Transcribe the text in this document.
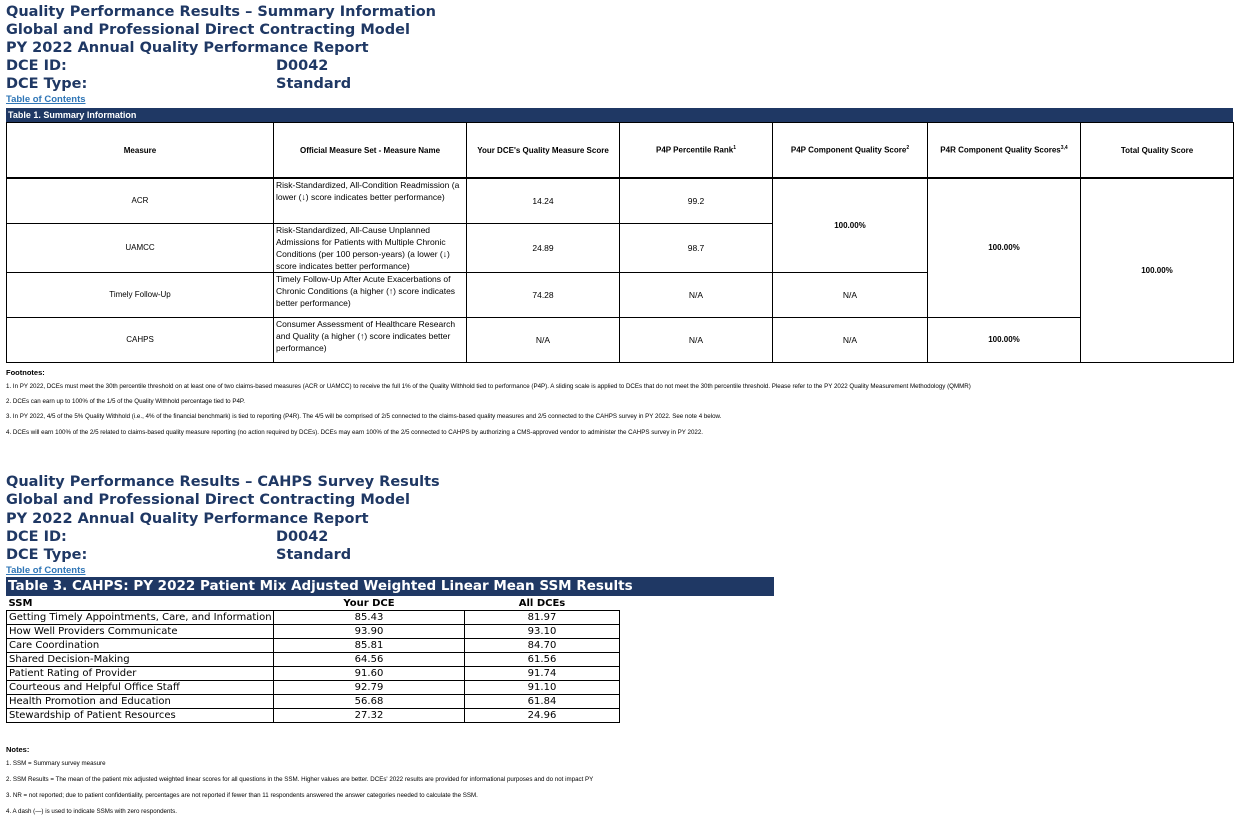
Quality Performance Results – Summary Information
Global and Professional Direct Contracting Model
PY 2022 Annual Quality Performance Report
DCE ID:	D0042
DCE Type:	Standard
Table of Contents
Table 1. Summary Information
Measure	Official Measure Set - Measure Name	Your DCE's Quality Measure Score	P4P Percentile Rank$^1$	P4P Component Quality Score$^2$	P4R Component Quality Scores$^{3,4}$	Total Quality Score
ACR	Risk-Standardized, All-Condition Readmission (a lower (↓) score indicates better performance)	14.24	99.2	100.00%	100.00%	100.00%
UAMCC	Risk-Standardized, All-Cause Unplanned Admissions for Patients with Multiple Chronic Conditions (per 100 person-years) (a lower (↓) score indicates better performance)	24.89	98.7			
Timely Follow-Up	Timely Follow-Up After Acute Exacerbations of Chronic Conditions (a higher (↑) score indicates better performance)	74.28	N/A	N/A		
CAHPS	Consumer Assessment of Healthcare Research and Quality (a higher (↑) score indicates better performance)	N/A	N/A	N/A	100.00%	
Footnotes:
1. In PY 2022, DCEs must meet the 30th percentile threshold on at least one of two claims-based measures (ACR or UAMCC) to receive the full 1% of the Quality Withhold tied to performance (P4P). A sliding scale is applied to DCEs that do not meet the 30th percentile threshold. Please refer to the PY 2022 Quality Measurement Methodology (QMMR)
2. DCEs can earn up to 100% of the 1/5 of the Quality Withhold percentage tied to P4P.
3. In PY 2022, 4/5 of the 5% Quality Withhold (i.e., 4% of the financial benchmark) is tied to reporting (P4R). The 4/5 will be comprised of 2/5 connected to the claims-based quality measures and 2/5 connected to the CAHPS survey in PY 2022. See note 4 below.
4. DCEs will earn 100% of the 2/5 related to claims-based quality measure reporting (no action required by DCEs). DCEs may earn 100% of the 2/5 connected to CAHPS by authorizing a CMS-approved vendor to administer the CAHPS survey in PY 2022.
Quality Performance Results – CAHPS Survey Results
Global and Professional Direct Contracting Model
PY 2022 Annual Quality Performance Report
DCE ID:	D0042
DCE Type:	Standard
Table of Contents
Table 3. CAHPS: PY 2022 Patient Mix Adjusted Weighted Linear Mean SSM Results
SSM	Your DCE	All DCEs
Getting Timely Appointments, Care, and Information	85.43	81.97
How Well Providers Communicate	93.90	93.10
Care Coordination	85.81	84.70
Shared Decision-Making	64.56	61.56
Patient Rating of Provider	91.60	91.74
Courteous and Helpful Office Staff	92.79	91.10
Health Promotion and Education	56.68	61.84
Stewardship of Patient Resources	27.32	24.96
Notes:
1. SSM = Summary survey measure
2. SSM Results = The mean of the patient mix adjusted weighted linear scores for all questions in the SSM. Higher values are better. DCEs' 2022 results are provided for informational purposes and do not impact PY
3. NR = not reported; due to patient confidentiality, percentages are not reported if fewer than 11 respondents answered the answer categories needed to calculate the SSM.
4. A dash (—) is used to indicate SSMs with zero respondents.
